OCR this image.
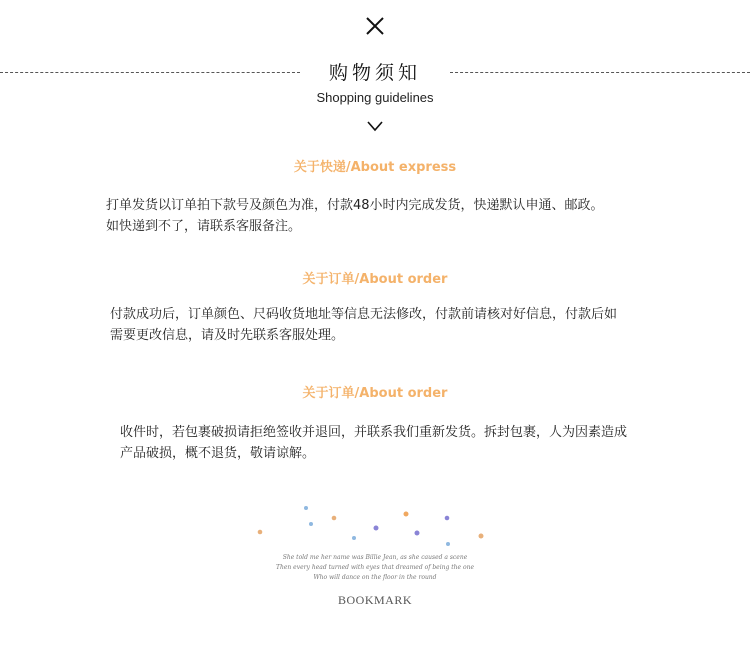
购物须知
Shopping guidelines
关于快递/About express
打单发货以订单拍下款号及颜色为准，付款48小时内完成发货，快递默认申通、邮政。
如快递到不了，请联系客服备注。
关于订单/About order
付款成功后，订单颜色、尺码收货地址等信息无法修改，付款前请核对好信息，付款后如
需要更改信息，请及时先联系客服处理。
关于订单/About order
收件时，若包裹破损请拒绝签收并退回，并联系我们重新发货。拆封包裹，人为因素造成
产品破损，概不退货，敬请谅解。
She told me her name was Billie Jean, as she caused a scene
Then every head turned with eyes that dreamed of being the one
Who will dance on the floor in the round
BOOKMARK
